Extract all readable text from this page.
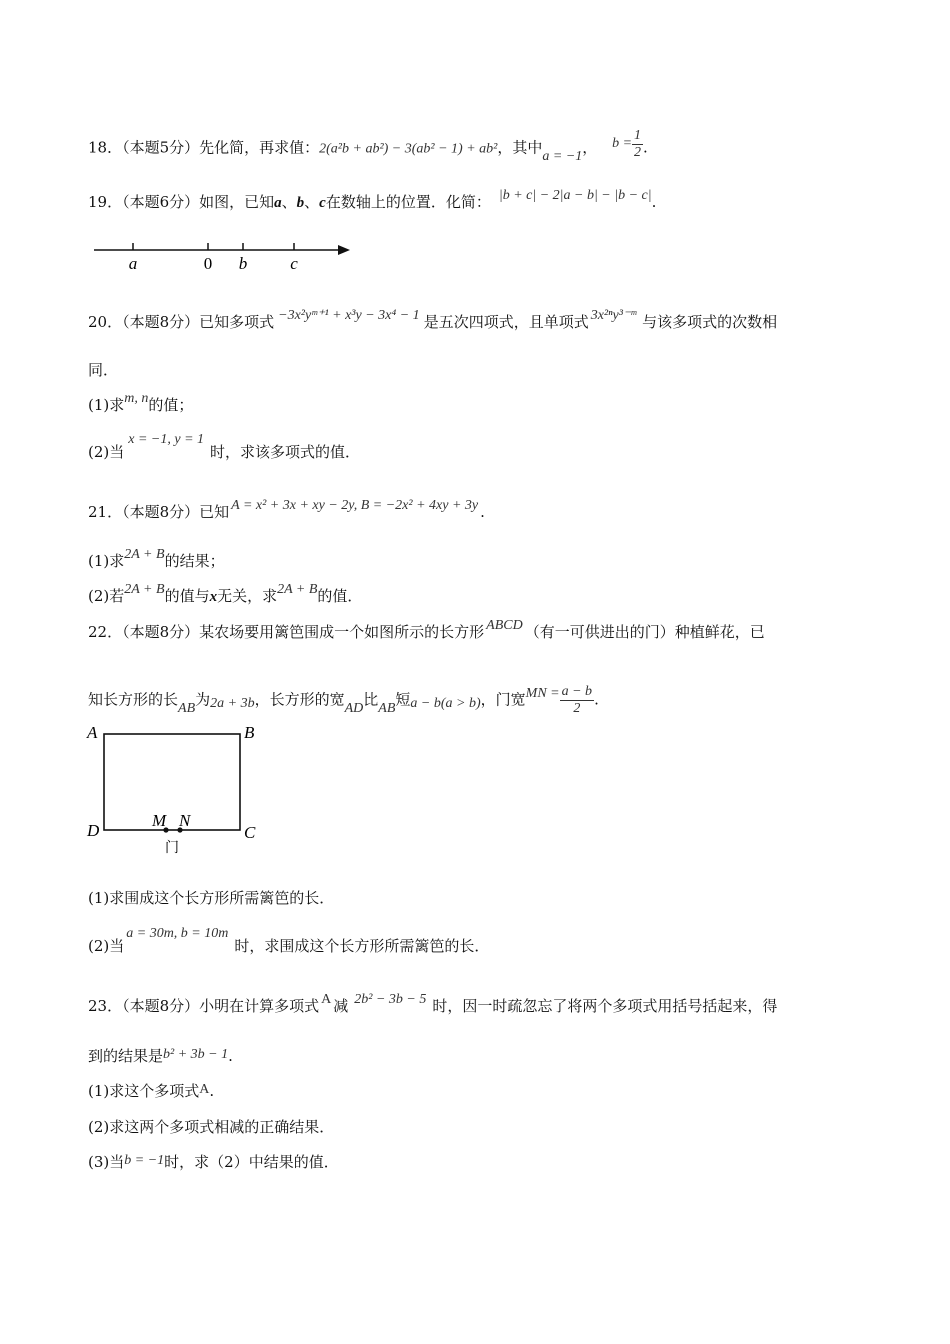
18．（本题5分）先化简，再求值：2(a²b + ab²) − 3(ab² − 1) + ab²，其中a = −1， $b = \frac{1}{2}$ .
19．（本题6分）如图，已知a、b、c在数轴上的位置．化简： |b + c| − 2|a − b| − |b − c|.
a	0 b	c
20．（本题8分）已知多项式 −3x²yᵐ⁺¹ + x³y − 3x⁴ − 1 是五次四项式，且单项式 3x²ⁿy³⁻ᵐ 与该多项式的次数相
同．
(1)求m, n的值；
(2)当x = −1, y = 1时，求该多项式的值．
21．（本题8分）已知 A = x² + 3x + xy − 2y, B = −2x² + 4xy + 3y .
(1)求2A + B的结果；
(2)若2A + B的值与x无关，求2A + B的值．
22．（本题8分）某农场要用篱笆围成一个如图所示的长方形 ABCD （有一可供进出的门）种植鲜花，已
知长方形的长AB为2a + 3b，长方形的宽AD比AB短a − b(a > b)，门宽MN = $\frac{a - b}{2}$ .
A	B
C
D
M N
门
(1)求围成这个长方形所需篱笆的长．
(2)当a = 30m, b = 10m时，求围成这个长方形所需篱笆的长．
23．（本题8分）小明在计算多项式 A 减 2b² − 3b − 5 时，因一时疏忽忘了将两个多项式用括号括起来，得
到的结果是b² + 3b − 1.
(1)求这个多项式A.
(2)求这两个多项式相减的正确结果．
(3)当b = −1时，求（2）中结果的值．
